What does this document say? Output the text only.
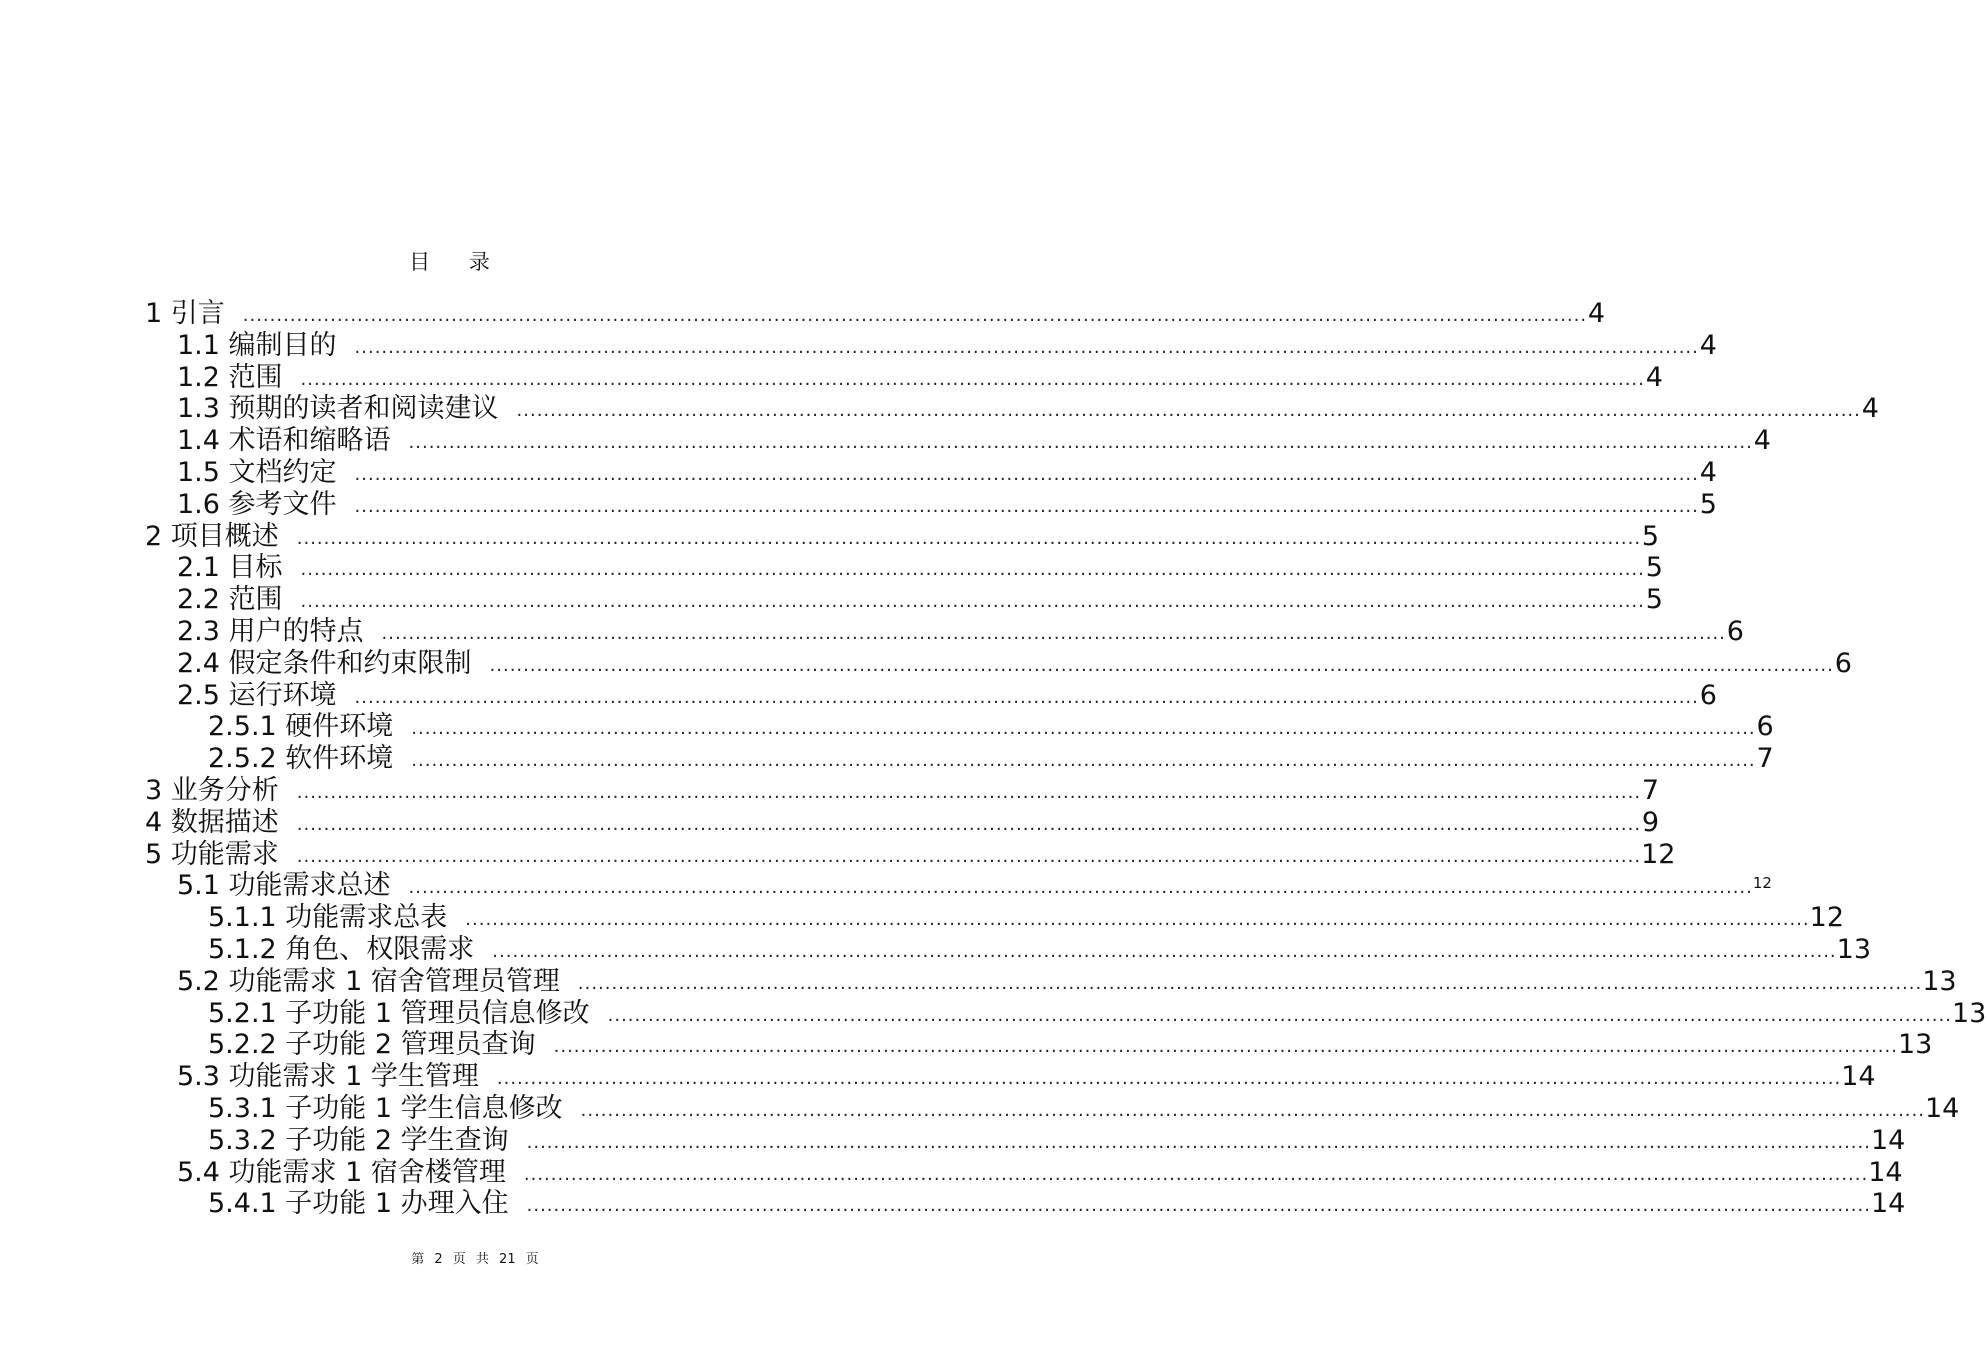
目 录
1 引言	........................................................................................................................................................................................................ 4
1.1 编制目的	........................................................................................................................................................................................................ 4
1.2 范围	........................................................................................................................................................................................................ 4
1.3 预期的读者和阅读建议	........................................................................................................................................................................................................ 4
1.4 术语和缩略语	........................................................................................................................................................................................................ 4
1.5 文档约定	........................................................................................................................................................................................................ 4
1.6 参考文件	........................................................................................................................................................................................................ 5
2 项目概述	........................................................................................................................................................................................................ 5
2.1 目标	........................................................................................................................................................................................................ 5
2.2 范围	........................................................................................................................................................................................................ 5
2.3 用户的特点	........................................................................................................................................................................................................ 6
2.4 假定条件和约束限制	........................................................................................................................................................................................................ 6
2.5 运行环境	........................................................................................................................................................................................................ 6
2.5.1 硬件环境	........................................................................................................................................................................................................ 6
2.5.2 软件环境	........................................................................................................................................................................................................ 7
3 业务分析	........................................................................................................................................................................................................ 7
4 数据描述	........................................................................................................................................................................................................ 9
5 功能需求	........................................................................................................................................................................................................ 12
5.1 功能需求总述	........................................................................................................................................................................................................ 12
5.1.1 功能需求总表	........................................................................................................................................................................................................ 12
5.1.2 角色、权限需求	........................................................................................................................................................................................................ 13
5.2 功能需求 1 宿舍管理员管理	........................................................................................................................................................................................................ 13
5.2.1 子功能 1 管理员信息修改	........................................................................................................................................................................................................ 13
5.2.2 子功能 2 管理员查询	........................................................................................................................................................................................................ 13
5.3 功能需求 1 学生管理	........................................................................................................................................................................................................ 14
5.3.1 子功能 1 学生信息修改	........................................................................................................................................................................................................ 14
5.3.2 子功能 2 学生查询	........................................................................................................................................................................................................ 14
5.4 功能需求 1 宿舍楼管理	........................................................................................................................................................................................................ 14
5.4.1 子功能 1 办理入住	........................................................................................................................................................................................................ 14
第 2 页 共 21 页
